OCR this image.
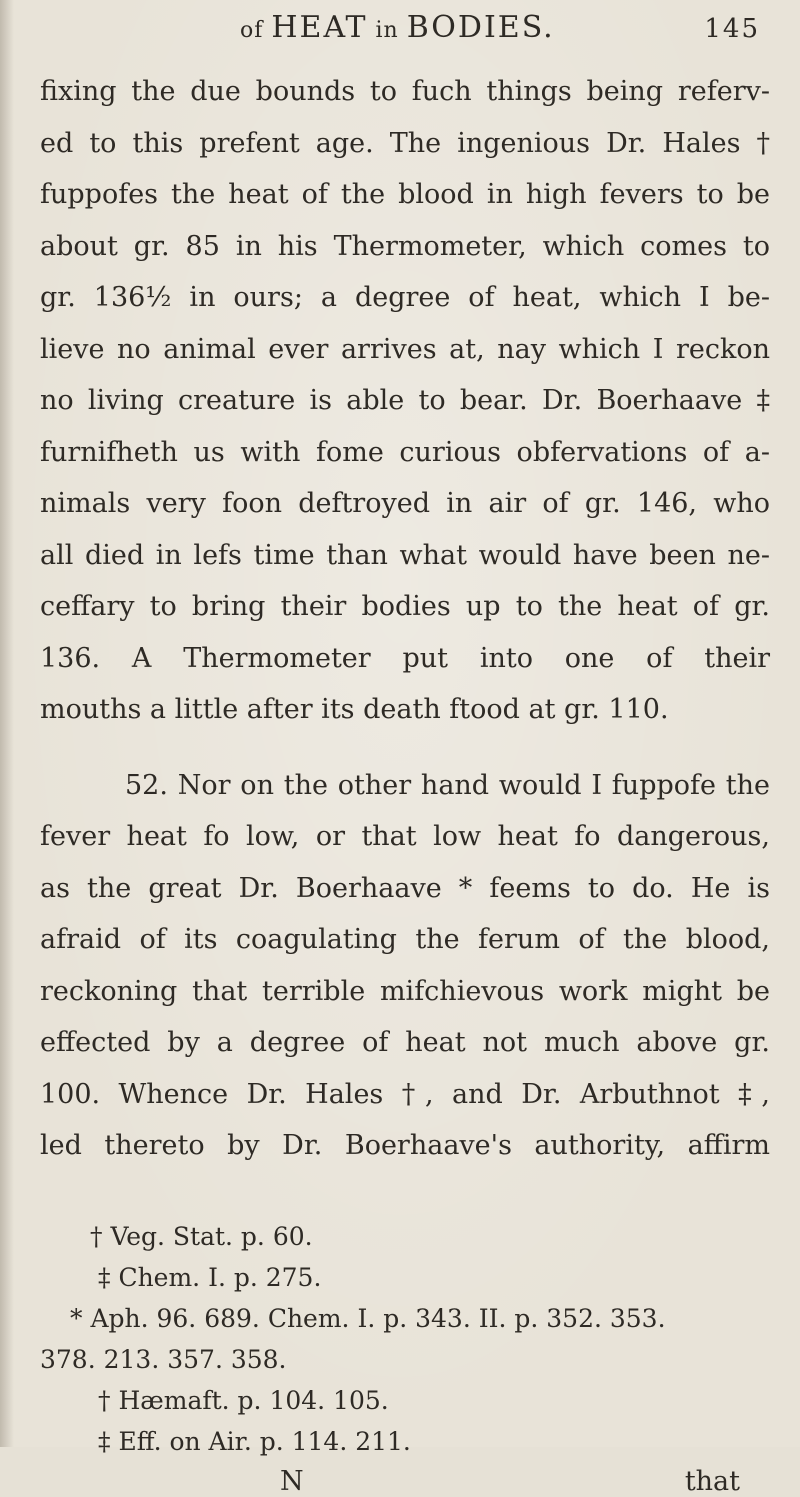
of HEAT in BODIES.	145
fixing the due bounds to fuch things being referv-
ed to this prefent age. The ingenious Dr. Hales †
fuppofes the heat of the blood in high fevers to be
about gr. 85 in his Thermometer, which comes to
gr. 136½ in ours; a degree of heat, which I be-
lieve no animal ever arrives at, nay which I reckon
no living creature is able to bear. Dr. Boerhaave ‡
furnifheth us with fome curious obfervations of a-
nimals very foon deftroyed in air of gr. 146, who
all died in lefs time than what would have been ne-
ceffary to bring their bodies up to the heat of gr.
136. A Thermometer put into one of their
mouths a little after its death ftood at gr. 110.
52. Nor on the other hand would I fuppofe the
fever heat fo low, or that low heat fo dangerous,
as the great Dr. Boerhaave * feems to do. He is
afraid of its coagulating the ferum of the blood,
reckoning that terrible mifchievous work might be
effected by a degree of heat not much above gr.
100. Whence Dr. Hales †, and Dr. Arbuthnot ‡,
led thereto by Dr. Boerhaave's authority, affirm
† Veg. Stat. p. 60.
‡ Chem. I. p. 275.
* Aph. 96. 689. Chem. I. p. 343. II. p. 352. 353.
378. 213. 357. 358.
† Hæmaft. p. 104. 105.
‡ Eff. on Air. p. 114. 211.
N	that
